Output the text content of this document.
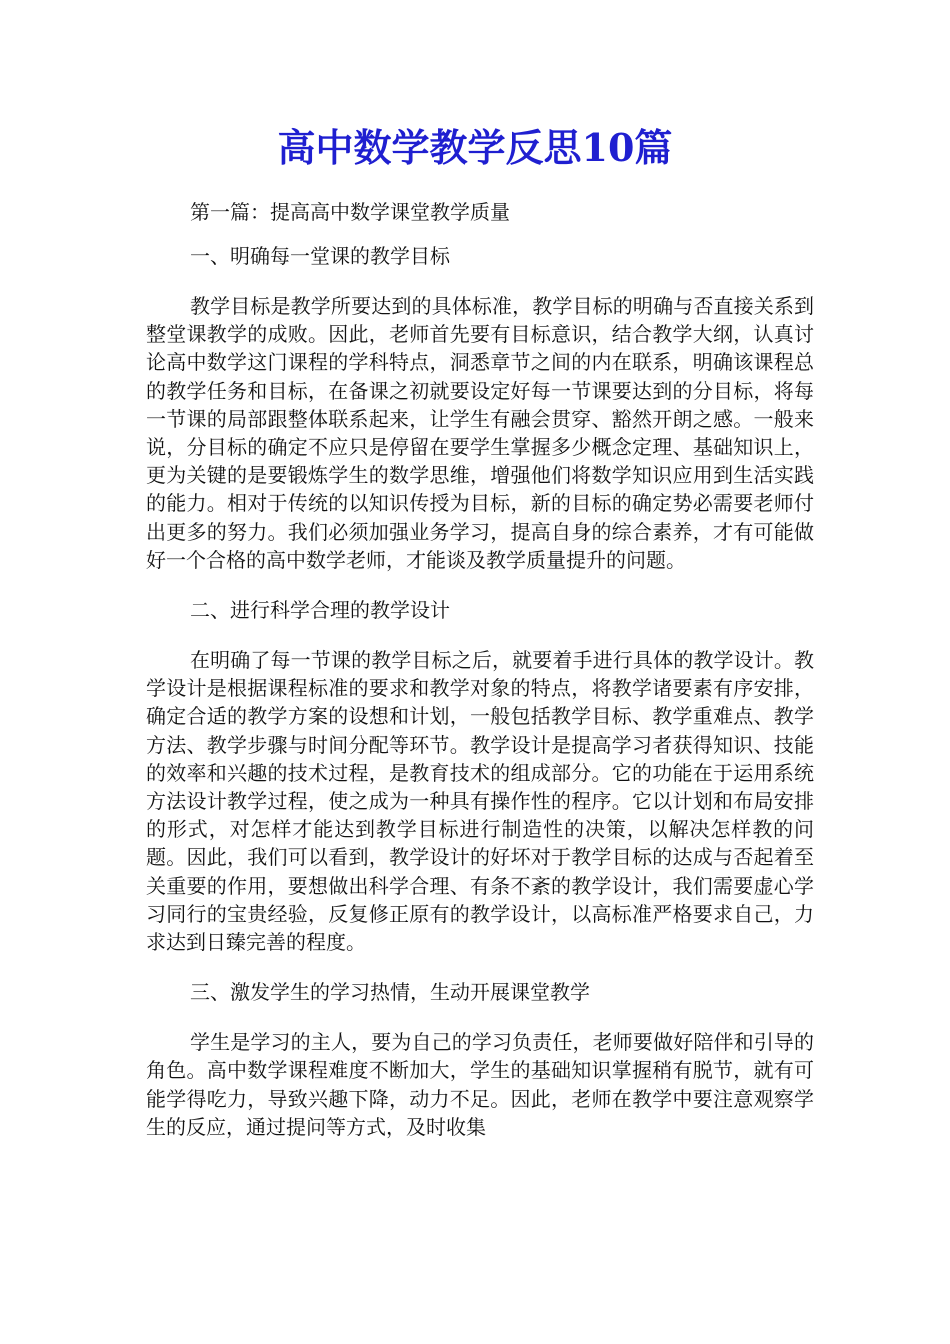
高中数学教学反思10篇

第一篇：提高高中数学课堂教学质量

一、明确每一堂课的教学目标

教学目标是教学所要达到的具体标准，教学目标的明确与否直接关系到整堂课教学的成败。因此，老师首先要有目标意识，结合教学大纲，认真讨论高中数学这门课程的学科特点，洞悉章节之间的内在联系，明确该课程总的教学任务和目标，在备课之初就要设定好每一节课要达到的分目标，将每一节课的局部跟整体联系起来，让学生有融会贯穿、豁然开朗之感。一般来说，分目标的确定不应只是停留在要学生掌握多少概念定理、基础知识上，更为关键的是要锻炼学生的数学思维，增强他们将数学知识应用到生活实践的能力。相对于传统的以知识传授为目标，新的目标的确定势必需要老师付出更多的努力。我们必须加强业务学习，提高自身的综合素养，才有可能做好一个合格的高中数学老师，才能谈及教学质量提升的问题。

二、进行科学合理的教学设计

在明确了每一节课的教学目标之后，就要着手进行具体的教学设计。教学设计是根据课程标准的要求和教学对象的特点，将教学诸要素有序安排，确定合适的教学方案的设想和计划，一般包括教学目标、教学重难点、教学方法、教学步骤与时间分配等环节。教学设计是提高学习者获得知识、技能的效率和兴趣的技术过程，是教育技术的组成部分。它的功能在于运用系统方法设计教学过程，使之成为一种具有操作性的程序。它以计划和布局安排的形式，对怎样才能达到教学目标进行制造性的决策，以解决怎样教的问题。因此，我们可以看到，教学设计的好坏对于教学目标的达成与否起着至关重要的作用，要想做出科学合理、有条不紊的教学设计，我们需要虚心学习同行的宝贵经验，反复修正原有的教学设计，以高标准严格要求自己，力求达到日臻完善的程度。

三、激发学生的学习热情，生动开展课堂教学

学生是学习的主人，要为自己的学习负责任，老师要做好陪伴和引导的角色。高中数学课程难度不断加大，学生的基础知识掌握稍有脱节，就有可能学得吃力，导致兴趣下降，动力不足。因此，老师在教学中要注意观察学生的反应，通过提问等方式，及时收集
